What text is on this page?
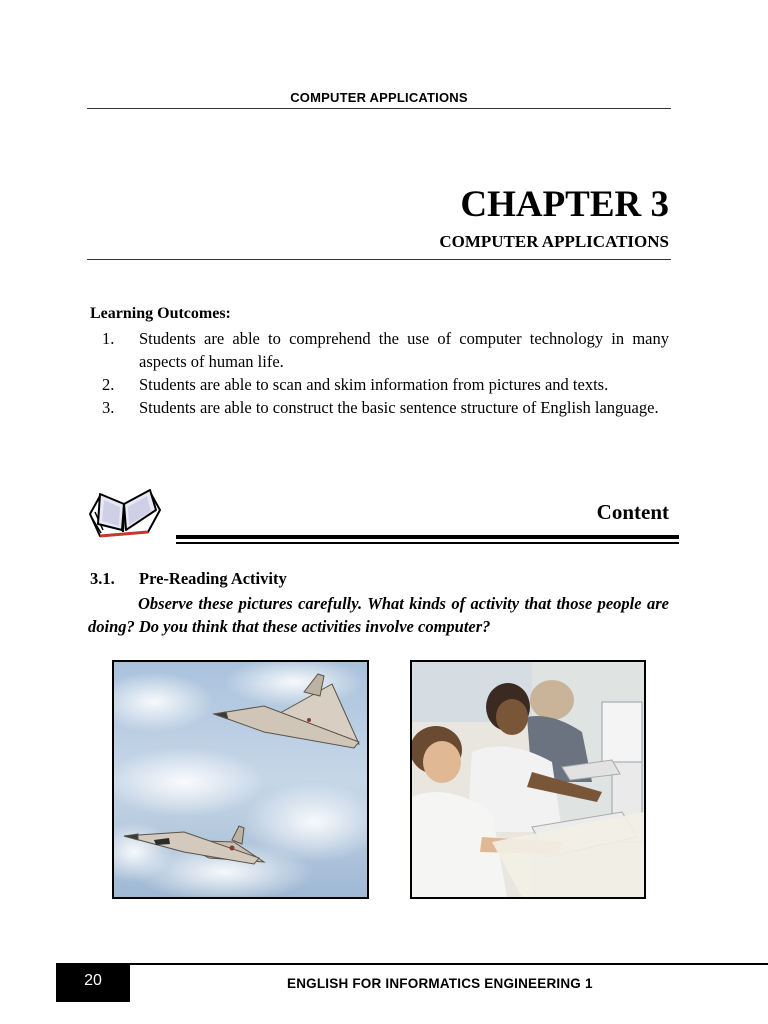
COMPUTER APPLICATIONS
CHAPTER 3
COMPUTER APPLICATIONS
Learning Outcomes:
1. Students are able to comprehend the use of computer technology in many aspects of human life.
2. Students are able to scan and skim information from pictures and texts.
3. Students are able to construct the basic sentence structure of English language.
Content
3.1. Pre-Reading Activity

Observe these pictures carefully. What kinds of activity that those people are doing? Do you think that these activities involve computer?

20	ENGLISH FOR INFORMATICS ENGINEERING 1
